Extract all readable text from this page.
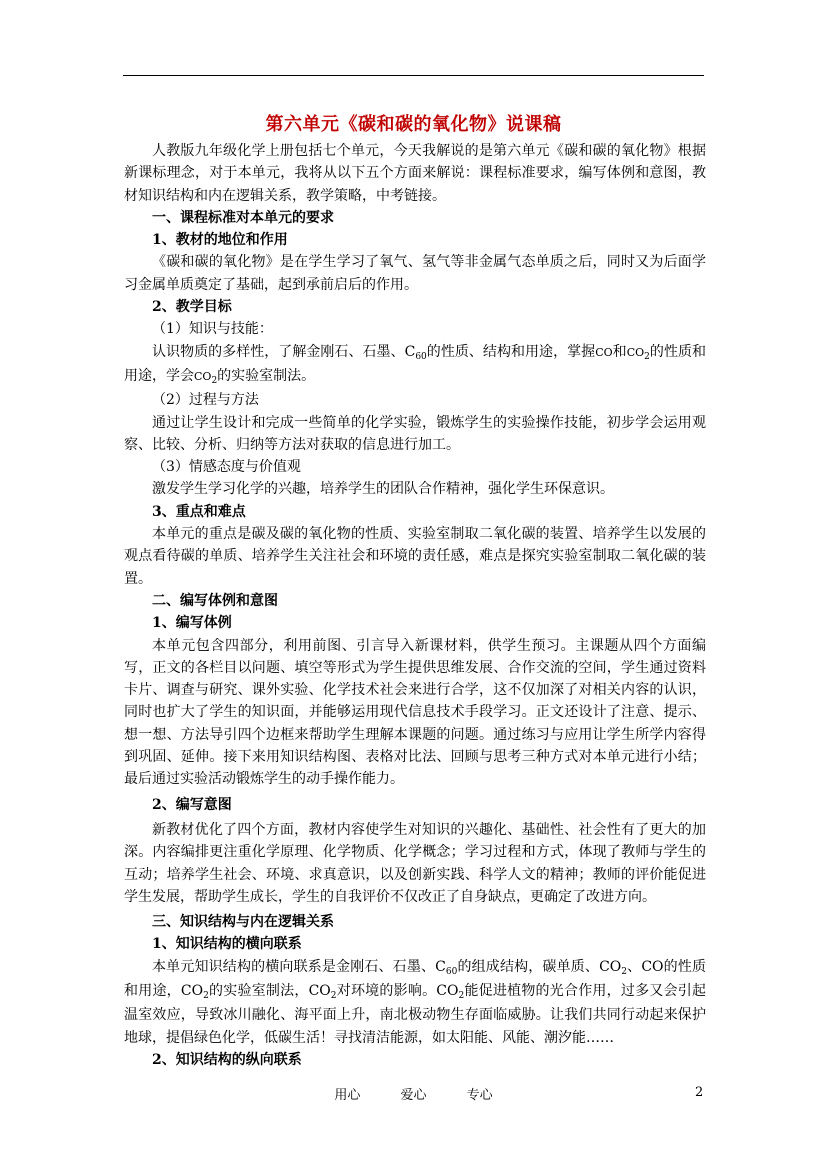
第六单元《碳和碳的氧化物》说课稿

人教版九年级化学上册包括七个单元，今天我解说的是第六单元《碳和碳的氧化物》根据新课标理念，对于本单元，我将从以下五个方面来解说：课程标准要求，编写体例和意图，教材知识结构和内在逻辑关系，教学策略，中考链接。

一、课程标准对本单元的要求

1、教材的地位和作用

《碳和碳的氧化物》是在学生学习了氧气、氢气等非金属气态单质之后，同时又为后面学习金属单质奠定了基础，起到承前启后的作用。

2、教学目标

（1）知识与技能：

认识物质的多样性，了解金刚石、石墨、$C_{60}$的性质、结构和用途，掌握CO和$CO_2$的性质和用途，学会$CO_2$的实验室制法。

（2）过程与方法

通过让学生设计和完成一些简单的化学实验，锻炼学生的实验操作技能，初步学会运用观察、比较、分析、归纳等方法对获取的信息进行加工。

（3）情感态度与价值观

激发学生学习化学的兴趣，培养学生的团队合作精神，强化学生环保意识。

3、重点和难点

本单元的重点是碳及碳的氧化物的性质、实验室制取二氧化碳的装置、培养学生以发展的观点看待碳的单质、培养学生关注社会和环境的责任感，难点是探究实验室制取二氧化碳的装置。

二、编写体例和意图

1、编写体例

本单元包含四部分，利用前图、引言导入新课材料，供学生预习。主课题从四个方面编写，正文的各栏目以问题、填空等形式为学生提供思维发展、合作交流的空间，学生通过资料卡片、调查与研究、课外实验、化学技术社会来进行合学，这不仅加深了对相关内容的认识，同时也扩大了学生的知识面，并能够运用现代信息技术手段学习。正文还设计了注意、提示、想一想、方法导引四个边框来帮助学生理解本课题的问题。通过练习与应用让学生所学内容得到巩固、延伸。接下来用知识结构图、表格对比法、回顾与思考三种方式对本单元进行小结；最后通过实验活动锻炼学生的动手操作能力。

2、编写意图

新教材优化了四个方面，教材内容使学生对知识的兴趣化、基础性、社会性有了更大的加深。内容编排更注重化学原理、化学物质、化学概念；学习过程和方式，体现了教师与学生的互动；培养学生社会、环境、求真意识，以及创新实践、科学人文的精神；教师的评价能促进学生发展，帮助学生成长，学生的自我评价不仅改正了自身缺点，更确定了改进方向。

三、知识结构与内在逻辑关系

1、知识结构的横向联系

本单元知识结构的横向联系是金刚石、石墨、$C_{60}$的组成结构，碳单质、$CO_2$、CO的性质和用途，$CO_2$的实验室制法，$CO_2$对环境的影响。$CO_2$能促进植物的光合作用，过多又会引起温室效应，导致冰川融化、海平面上升，南北极动物生存面临威胁。让我们共同行动起来保护地球，提倡绿色化学，低碳生活！寻找清洁能源，如太阳能、风能、潮汐能……

2、知识结构的纵向联系

用心	爱心	专心	2
